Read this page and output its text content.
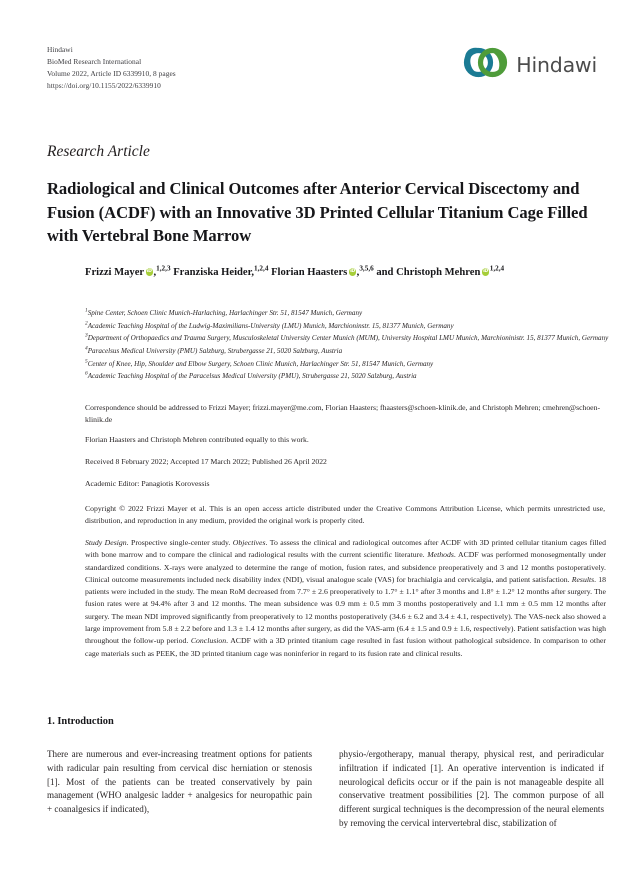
Hindawi
BioMed Research International
Volume 2022, Article ID 6339910, 8 pages
https://doi.org/10.1155/2022/6339910
Hindawi
Research Article
Radiological and Clinical Outcomes after Anterior Cervical Discectomy and Fusion (ACDF) with an Innovative 3D Printed Cellular Titanium Cage Filled with Vertebral Bone Marrow
Frizzi Mayer iD ,$^{1,2,3}$ Franziska Heider,$^{1,2,4}$ Florian Haasters iD ,$^{3,5,6}$ and Christoph Mehren iD $^{1,2,4}$
$^1$Spine Center, Schoen Clinic Munich-Harlaching, Harlachinger Str. 51, 81547 Munich, Germany
$^2$Academic Teaching Hospital of the Ludwig-Maximilians-University (LMU) Munich, Marchioninstr. 15, 81377 Munich, Germany
$^3$Department of Orthopaedics and Trauma Surgery, Musculoskeletal University Center Munich (MUM), University Hospital LMU Munich, Marchioninistr. 15, 81377 Munich, Germany
$^4$Paracelsus Medical University (PMU) Salzburg, Strubergasse 21, 5020 Salzburg, Austria
$^5$Center of Knee, Hip, Shoulder and Elbow Surgery, Schoen Clinic Munich, Harlachinger Str. 51, 81547 Munich, Germany
$^6$Academic Teaching Hospital of the Paracelsus Medical University (PMU), Strubergasse 21, 5020 Salzburg, Austria
Correspondence should be addressed to Frizzi Mayer; frizzi.mayer@me.com, Florian Haasters; fhaasters@schoen-klinik.de, and Christoph Mehren; cmehren@schoen-klinik.de
Florian Haasters and Christoph Mehren contributed equally to this work.
Received 8 February 2022; Accepted 17 March 2022; Published 26 April 2022
Academic Editor: Panagiotis Korovessis
Copyright © 2022 Frizzi Mayer et al. This is an open access article distributed under the Creative Commons Attribution License, which permits unrestricted use, distribution, and reproduction in any medium, provided the original work is properly cited.
Study Design. Prospective single-center study. Objectives. To assess the clinical and radiological outcomes after ACDF with 3D printed cellular titanium cages filled with bone marrow and to compare the clinical and radiological results with the current scientific literature. Methods. ACDF was performed monosegmentally under standardized conditions. X-rays were analyzed to determine the range of motion, fusion rates, and subsidence preoperatively and 3 and 12 months postoperatively. Clinical outcome measurements included neck disability index (NDI), visual analogue scale (VAS) for brachialgia and cervicalgia, and patient satisfaction. Results. 18 patients were included in the study. The mean RoM decreased from 7.7° ± 2.6 preoperatively to 1.7° ± 1.1° after 3 months and 1.8° ± 1.2° 12 months after surgery. The fusion rates were at 94.4% after 3 and 12 months. The mean subsidence was 0.9 mm ± 0.5 mm 3 months postoperatively and 1.1 mm ± 0.5 mm 12 months after surgery. The mean NDI improved significantly from preoperatively to 12 months postoperatively (34.6 ± 6.2 and 3.4 ± 4.1, respectively). The VAS-neck also showed a large improvement from 5.8 ± 2.2 before and 1.3 ± 1.4 12 months after surgery, as did the VAS-arm (6.4 ± 1.5 and 0.9 ± 1.6, respectively). Patient satisfaction was high throughout the follow-up period. Conclusion. ACDF with a 3D printed titanium cage resulted in fast fusion without pathological subsidence. In comparison to other cage materials such as PEEK, the 3D printed titanium cage was noninferior in regard to its fusion rate and clinical results.
1. Introduction

There are numerous and ever-increasing treatment options for patients with radicular pain resulting from cervical disc herniation or stenosis [1]. Most of the patients can be treated conservatively by pain management (WHO analgesic ladder + analgesics for neuropathic pain + coanalgesics if indicated),

physio-/ergotherapy, manual therapy, physical rest, and periradicular infiltration if indicated [1]. An operative intervention is indicated if neurological deficits occur or if the pain is not manageable despite all conservative treatment possibilities [2]. The common purpose of all different surgical techniques is the decompression of the neural elements by removing the cervical intervertebral disc, stabilization of
